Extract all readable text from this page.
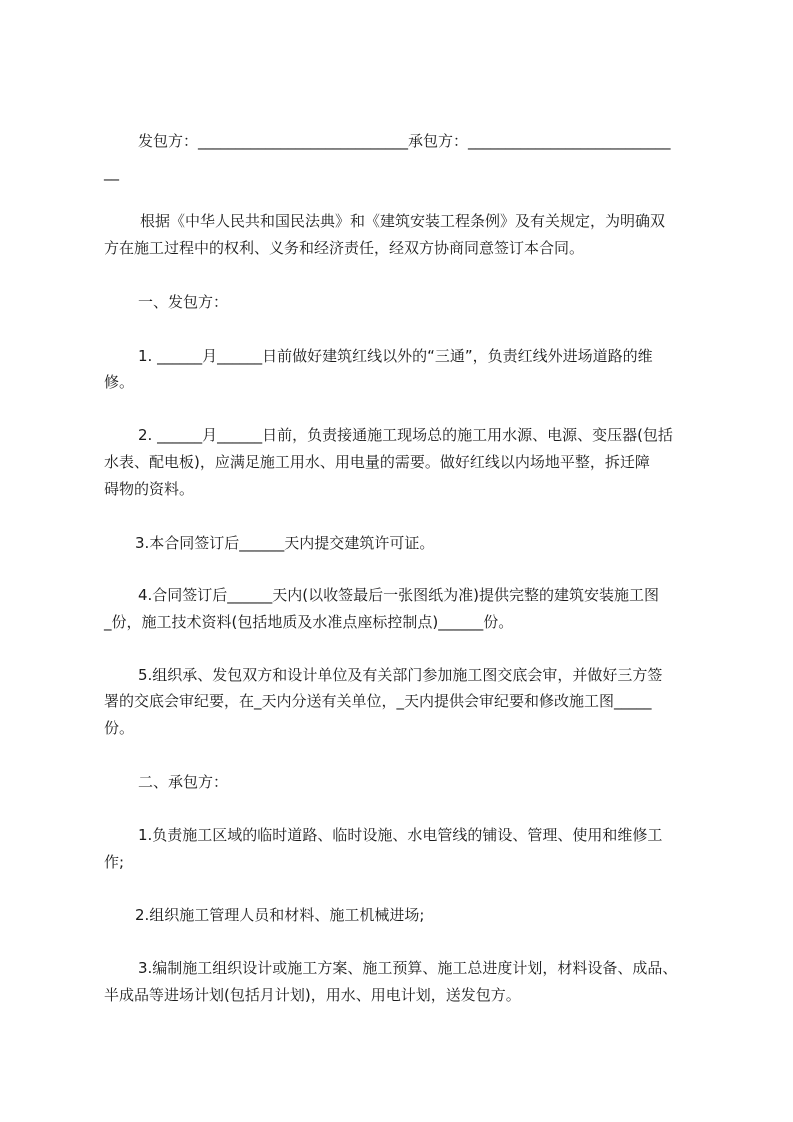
发包方：____________________________承包方：___________________________
__
根据《中华人民共和国民法典》和《建筑安装工程条例》及有关规定，为明确双
方在施工过程中的权利、义务和经济责任，经双方协商同意签订本合同。
一、发包方：
1. ______月______日前做好建筑红线以外的“三通”，负责红线外进场道路的维
修。
2. ______月______日前，负责接通施工现场总的施工用水源、电源、变压器(包括
水表、配电板)，应满足施工用水、用电量的需要。做好红线以内场地平整，拆迁障
碍物的资料。
3.本合同签订后______天内提交建筑许可证。
4.合同签订后______天内(以收签最后一张图纸为准)提供完整的建筑安装施工图
_份，施工技术资料(包括地质及水准点座标控制点)______份。
5.组织承、发包双方和设计单位及有关部门参加施工图交底会审，并做好三方签
署的交底会审纪要，在_天内分送有关单位，_天内提供会审纪要和修改施工图_____
份。
二、承包方：
1.负责施工区域的临时道路、临时设施、水电管线的铺设、管理、使用和维修工
作;
2.组织施工管理人员和材料、施工机械进场;
3.编制施工组织设计或施工方案、施工预算、施工总进度计划，材料设备、成品、
半成品等进场计划(包括月计划)，用水、用电计划，送发包方。
